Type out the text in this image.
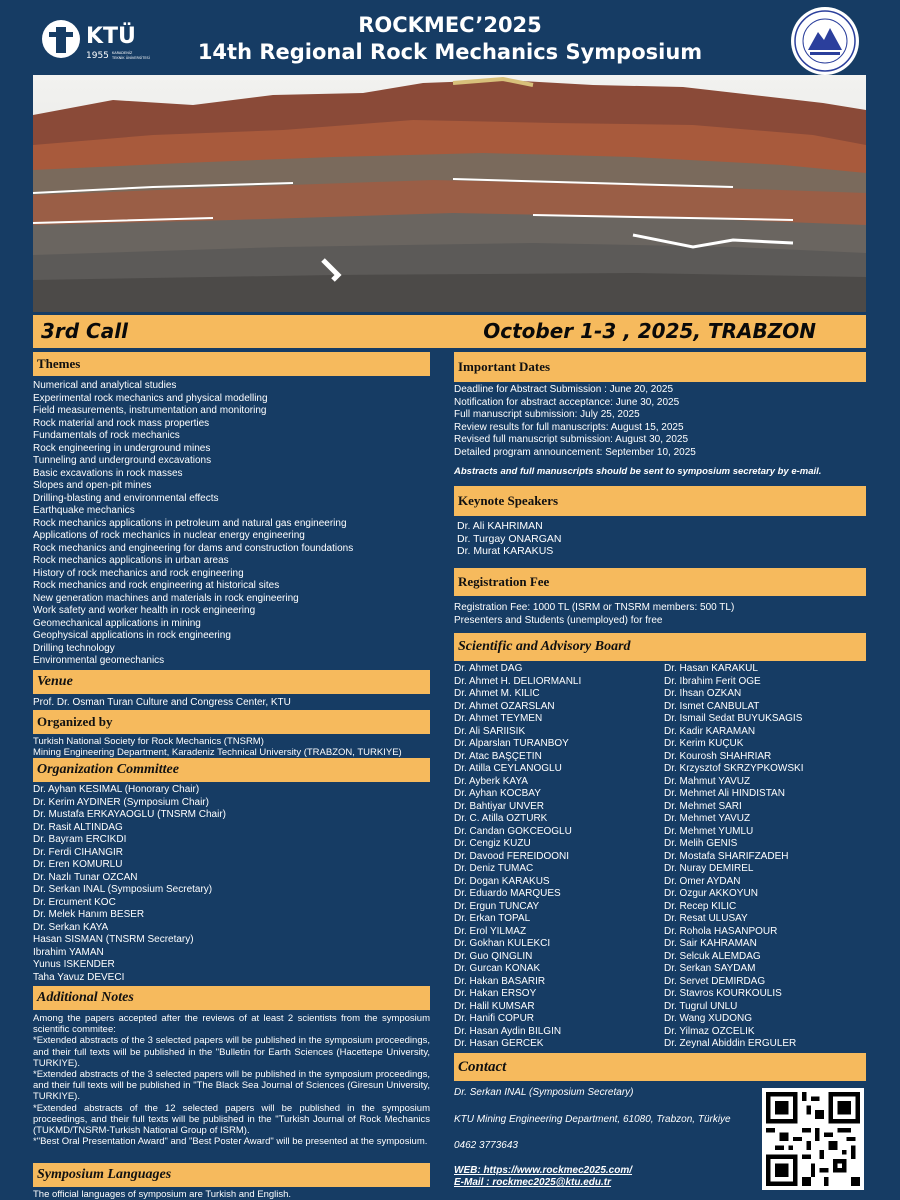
KTÜ
1955 KARADENİZ
TEKNİK ÜNİVERSİTESİ
ROCKMEC’2025
14th Regional Rock Mechanics Symposium
3rd Call	October 1-3 , 2025, TRABZON
Themes
Numerical and analytical studies
Experimental rock mechanics and physical modelling
Field measurements, instrumentation and monitoring
Rock material and rock mass properties
Fundamentals of rock mechanics
Rock engineering in underground mines
Tunneling and underground excavations
Basic excavations in rock masses
Slopes and open-pit mines
Drilling-blasting and environmental effects
Earthquake mechanics
Rock mechanics applications in petroleum and natural gas engineering
Applications of rock mechanics in nuclear energy engineering
Rock mechanics and engineering for dams and construction foundations
Rock mechanics applications in urban areas
History of rock mechanics and rock engineering
Rock mechanics and rock engineering at historical sites
New generation machines and materials in rock engineering
Work safety and worker health in rock engineering
Geomechanical applications in mining
Geophysical applications in rock engineering
Drilling technology
Environmental geomechanics
Venue
Prof. Dr. Osman Turan Culture and Congress Center, KTU
Organized by
Turkish National Society for Rock Mechanics (TNSRM)
Mining Engineering Department, Karadeniz Technical University (TRABZON, TURKIYE)
Organization Committee
Dr. Ayhan KESIMAL (Honorary Chair)
Dr. Kerim AYDINER (Symposium Chair)
Dr. Mustafa ERKAYAOGLU (TNSRM Chair)
Dr. Rasit ALTINDAG
Dr. Bayram ERCIKDI
Dr. Ferdi CIHANGIR
Dr. Eren KOMURLU
Dr. Nazlı Tunar OZCAN
Dr. Serkan INAL (Symposium Secretary)
Dr. Ercument KOC
Dr. Melek Hanım BESER
Dr. Serkan KAYA
Hasan SISMAN (TNSRM Secretary)
Ibrahim YAMAN
Yunus ISKENDER
Taha Yavuz DEVECI
Additional Notes
Among the papers accepted after the reviews of at least 2 scientists from the symposium scientific commitee:
*Extended abstracts of the 3 selected papers will be published in the symposium proceedings, and their full texts will be published in the "Bulletin for Earth Sciences (Hacettepe University, TURKIYE).
*Extended abstracts of the 3 selected papers will be published in the symposium proceedings, and their full texts will be published in "The Black Sea Journal of Sciences (Giresun University, TURKIYE).
*Extended abstracts of the 12 selected papers will be published in the symposium proceedings, and their full texts will be published in the "Turkish Journal of Rock Mechanics (TUKMD/TNSRM-Turkish National Group of ISRM).
*"Best Oral Presentation Award" and "Best Poster Award" will be presented at the symposium.
Symposium Languages
The official languages of symposium are Turkish and English.
Important Dates
Deadline for Abstract Submission : June 20, 2025
Notification for abstract acceptance: June 30, 2025
Full manuscript submission: July 25, 2025
Review results for full manuscripts: August 15, 2025
Revised full manuscript submission: August 30, 2025
Detailed program announcement: September 10, 2025
Abstracts and full manuscripts should be sent to symposium secretary by e-mail.
Keynote Speakers
Dr. Ali KAHRIMAN
Dr. Turgay ONARGAN
Dr. Murat KARAKUS
Registration Fee
Registration Fee: 1000 TL (ISRM or TNSRM members: 500 TL)
Presenters and Students (unemployed) for free
Scientific and Advisory Board
Dr. Ahmet DAG
Dr. Ahmet H. DELIORMANLI
Dr. Ahmet M. KILIC
Dr. Ahmet OZARSLAN
Dr. Ahmet TEYMEN
Dr. Ali SARIISIK
Dr. Alparslan TURANBOY
Dr. Atac BAŞÇETIN
Dr. Atilla CEYLANOGLU
Dr. Ayberk KAYA
Dr. Ayhan KOCBAY
Dr. Bahtiyar UNVER
Dr. C. Atilla OZTURK
Dr. Candan GOKCEOGLU
Dr. Cengiz KUZU
Dr. Davood FEREIDOONI
Dr. Deniz TUMAC
Dr. Dogan KARAKUS
Dr. Eduardo MARQUES
Dr. Ergun TUNCAY
Dr. Erkan TOPAL
Dr. Erol YILMAZ
Dr. Gokhan KULEKCI
Dr. Guo QINGLIN
Dr. Gurcan KONAK
Dr. Hakan BASARIR
Dr. Hakan ERSOY
Dr. Halil KUMSAR
Dr. Hanifi COPUR
Dr. Hasan Aydin BILGIN
Dr. Hasan GERCEK
Dr. Hasan KARAKUL
Dr. Ibrahim Ferit OGE
Dr. Ihsan OZKAN
Dr. Ismet CANBULAT
Dr. Ismail Sedat BUYUKSAGIS
Dr. Kadir KARAMAN
Dr. Kerim KUÇUK
Dr. Kourosh SHAHRIAR
Dr. Krzysztof SKRZYPKOWSKI
Dr. Mahmut YAVUZ
Dr. Mehmet Ali HINDISTAN
Dr. Mehmet SARI
Dr. Mehmet YAVUZ
Dr. Mehmet YUMLU
Dr. Melih GENIS
Dr. Mostafa SHARIFZADEH
Dr. Nuray DEMIREL
Dr. Omer AYDAN
Dr. Ozgur AKKOYUN
Dr. Recep KILIC
Dr. Resat ULUSAY
Dr. Rohola HASANPOUR
Dr. Sair KAHRAMAN
Dr. Selcuk ALEMDAG
Dr. Serkan SAYDAM
Dr. Servet DEMIRDAG
Dr. Stavros KOURKOULIS
Dr. Tugrul UNLU
Dr. Wang XUDONG
Dr. Yilmaz OZCELIK
Dr. Zeynal Abiddin ERGULER
Contact
Dr. Serkan INAL (Symposium Secretary)
KTU Mining Engineering Department, 61080, Trabzon, Türkiye
0462 3773643
WEB: https://www.rockmec2025.com/
E-Mail : rockmec2025@ktu.edu.tr
